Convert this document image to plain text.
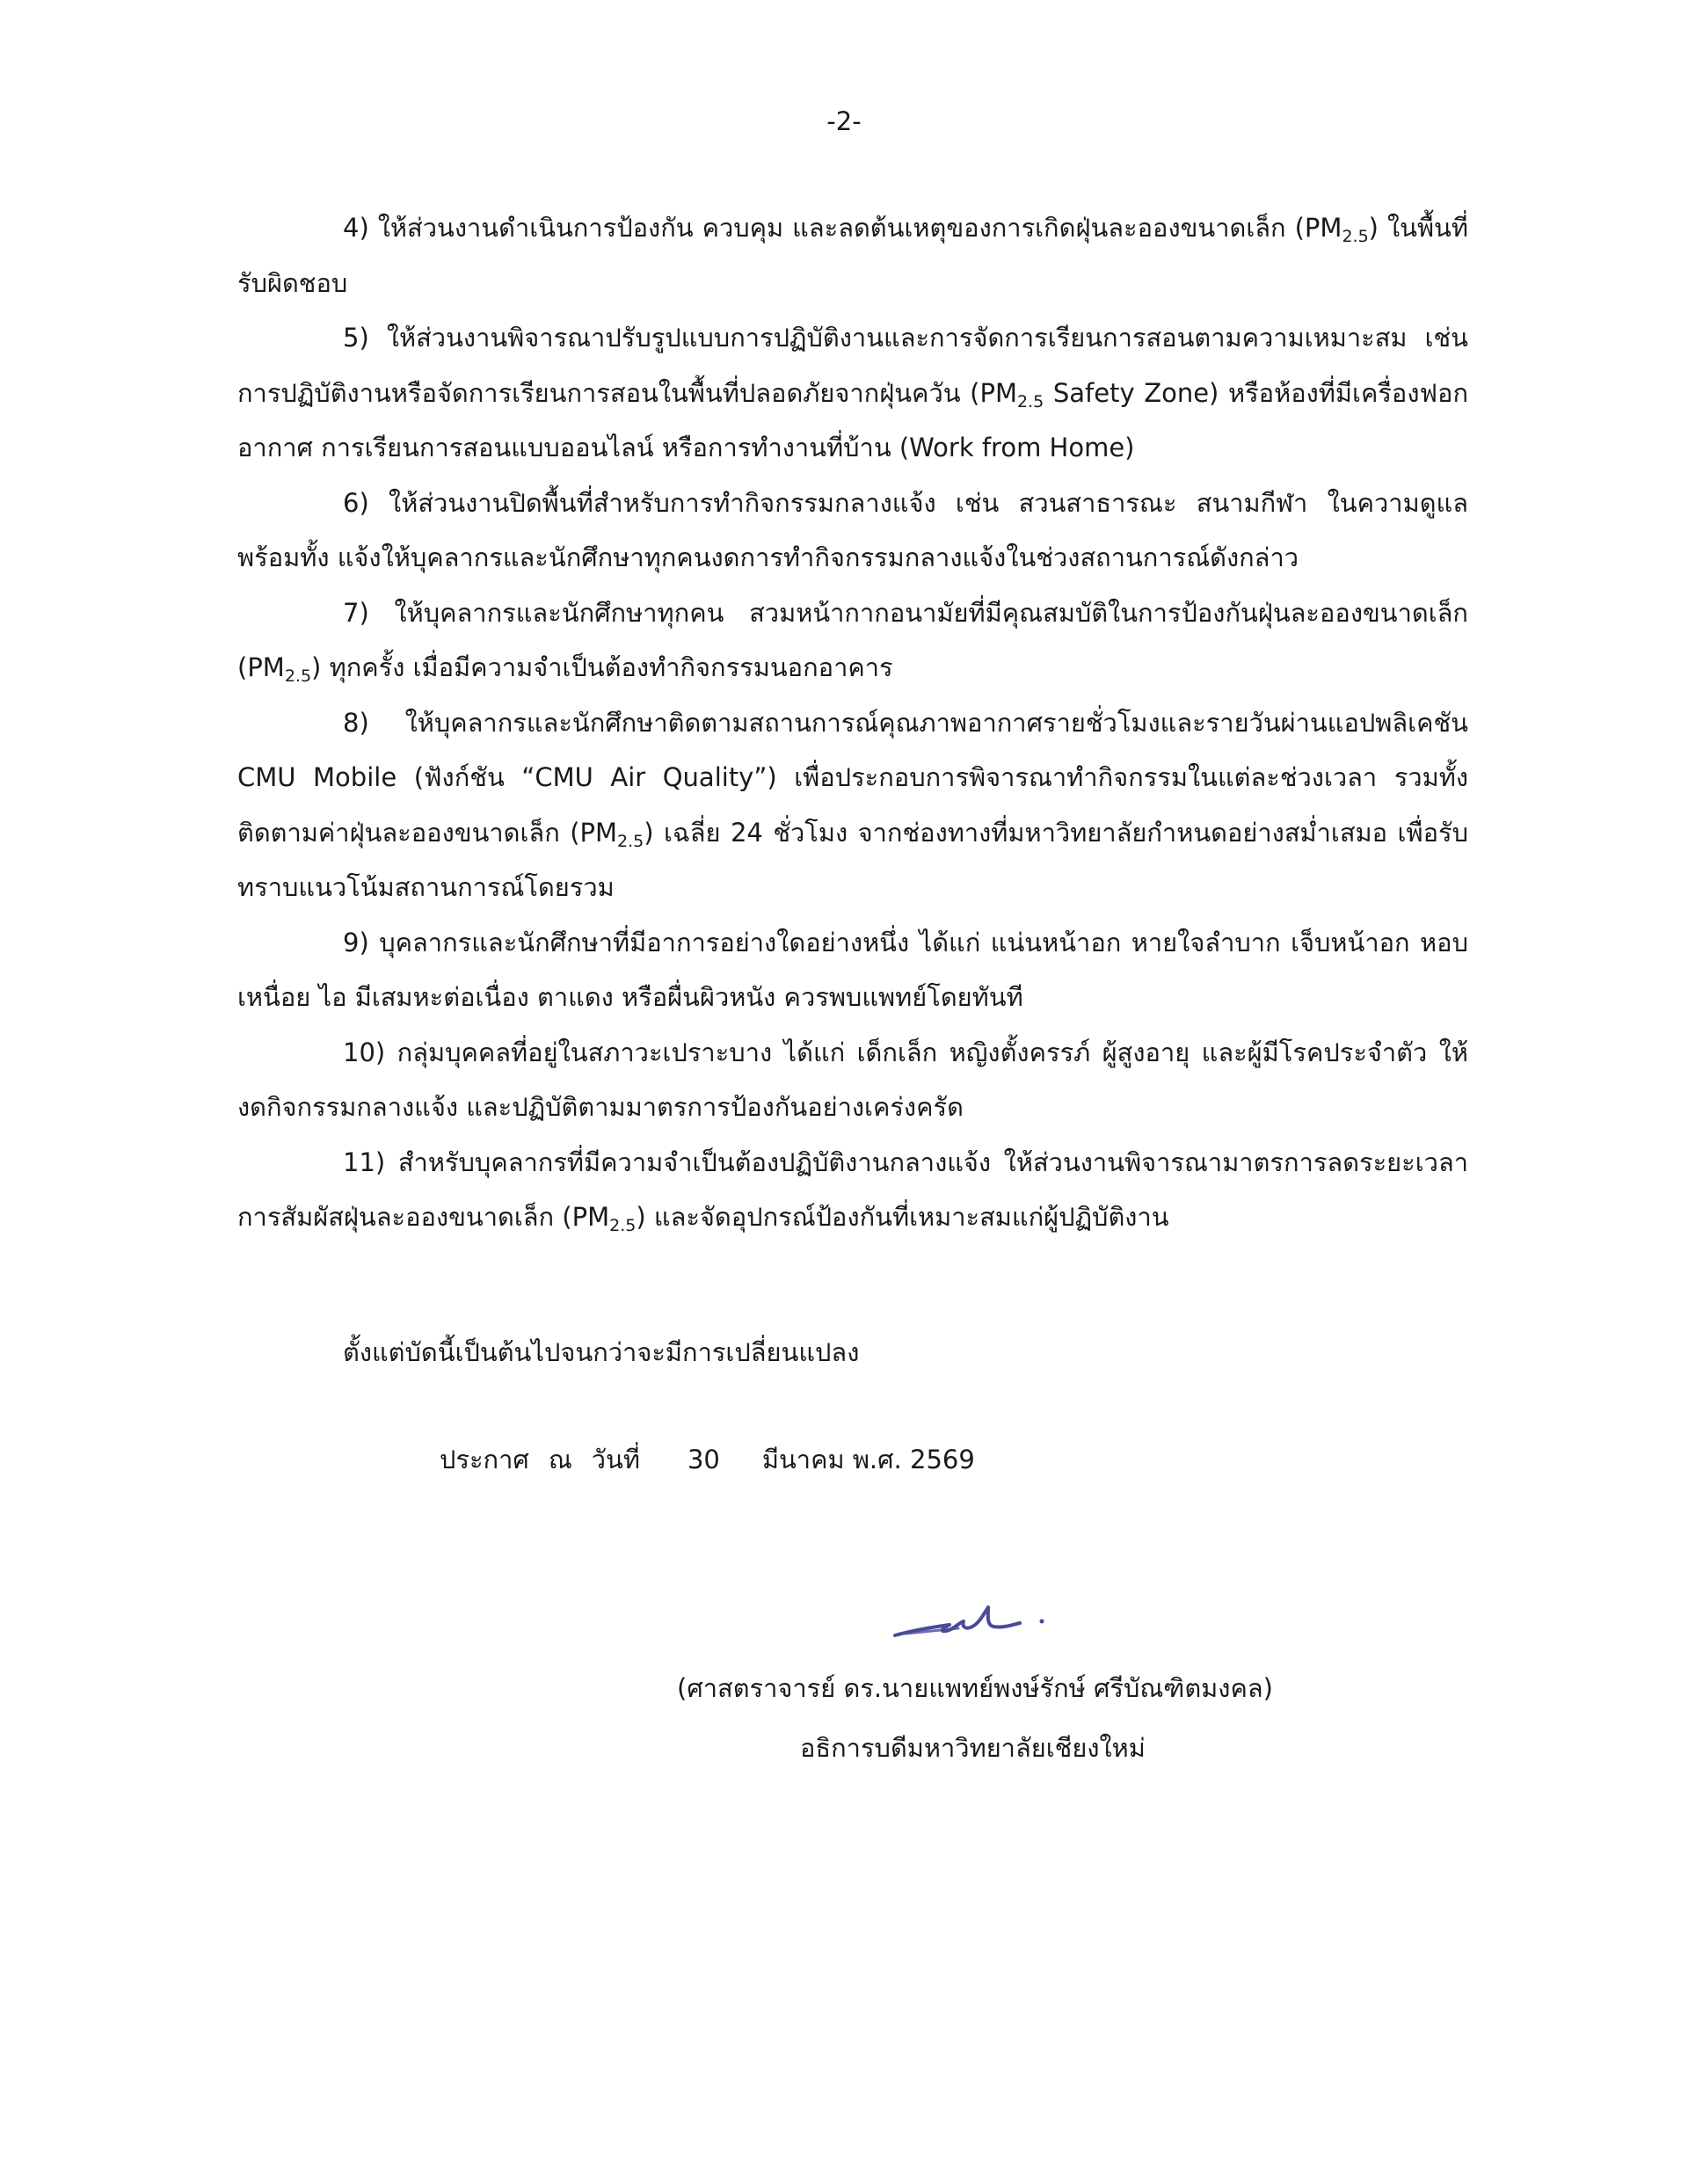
-2-

4) ให้ส่วนงานดำเนินการป้องกัน ควบคุม และลดต้นเหตุของการเกิดฝุ่นละอองขนาดเล็ก $(PM_{2.5})$ ในพื้นที่รับผิดชอบ

5) ให้ส่วนงานพิจารณาปรับรูปแบบการปฏิบัติงานและการจัดการเรียนการสอนตามความเหมาะสม เช่น การปฏิบัติงานหรือจัดการเรียนการสอนในพื้นที่ปลอดภัยจากฝุ่นควัน ($PM_{2.5}$ Safety Zone) หรือห้องที่มีเครื่องฟอกอากาศ การเรียนการสอนแบบออนไลน์ หรือการทำงานที่บ้าน (Work from Home)

6) ให้ส่วนงานปิดพื้นที่สำหรับการทำกิจกรรมกลางแจ้ง เช่น สวนสาธารณะ สนามกีฬา ในความดูแล พร้อมทั้ง แจ้งให้บุคลากรและนักศึกษาทุกคนงดการทำกิจกรรมกลางแจ้งในช่วงสถานการณ์ดังกล่าว

7) ให้บุคลากรและนักศึกษาทุกคน สวมหน้ากากอนามัยที่มีคุณสมบัติในการป้องกันฝุ่นละอองขนาดเล็ก $(PM_{2.5})$ ทุกครั้ง เมื่อมีความจำเป็นต้องทำกิจกรรมนอกอาคาร

8) ให้บุคลากรและนักศึกษาติดตามสถานการณ์คุณภาพอากาศรายชั่วโมงและรายวันผ่านแอปพลิเคชัน CMU Mobile (ฟังก์ชัน “CMU Air Quality”) เพื่อประกอบการพิจารณาทำกิจกรรมในแต่ละช่วงเวลา รวมทั้งติดตามค่าฝุ่นละอองขนาดเล็ก $(PM_{2.5})$ เฉลี่ย 24 ชั่วโมง จากช่องทางที่มหาวิทยาลัยกำหนดอย่างสม่ำเสมอ เพื่อรับทราบแนวโน้มสถานการณ์โดยรวม

9) บุคลากรและนักศึกษาที่มีอาการอย่างใดอย่างหนึ่ง ได้แก่ แน่นหน้าอก หายใจลำบาก เจ็บหน้าอก หอบ เหนื่อย ไอ มีเสมหะต่อเนื่อง ตาแดง หรือผื่นผิวหนัง ควรพบแพทย์โดยทันที

10) กลุ่มบุคคลที่อยู่ในสภาวะเปราะบาง ได้แก่ เด็กเล็ก หญิงตั้งครรภ์ ผู้สูงอายุ และผู้มีโรคประจำตัว ให้งดกิจกรรมกลางแจ้ง และปฏิบัติตามมาตรการป้องกันอย่างเคร่งครัด

11) สำหรับบุคลากรที่มีความจำเป็นต้องปฏิบัติงานกลางแจ้ง ให้ส่วนงานพิจารณามาตรการลดระยะเวลาการสัมผัสฝุ่นละอองขนาดเล็ก $(PM_{2.5})$ และจัดอุปกรณ์ป้องกันที่เหมาะสมแก่ผู้ปฏิบัติงาน

ตั้งแต่บัดนี้เป็นต้นไปจนกว่าจะมีการเปลี่ยนแปลง
ประกาศ ณ วันที่ 30 มีนาคม พ.ศ. 2569
(ศาสตราจารย์ ดร.นายแพทย์พงษ์รักษ์ ศรีบัณฑิตมงคล)
อธิการบดีมหาวิทยาลัยเชียงใหม่
